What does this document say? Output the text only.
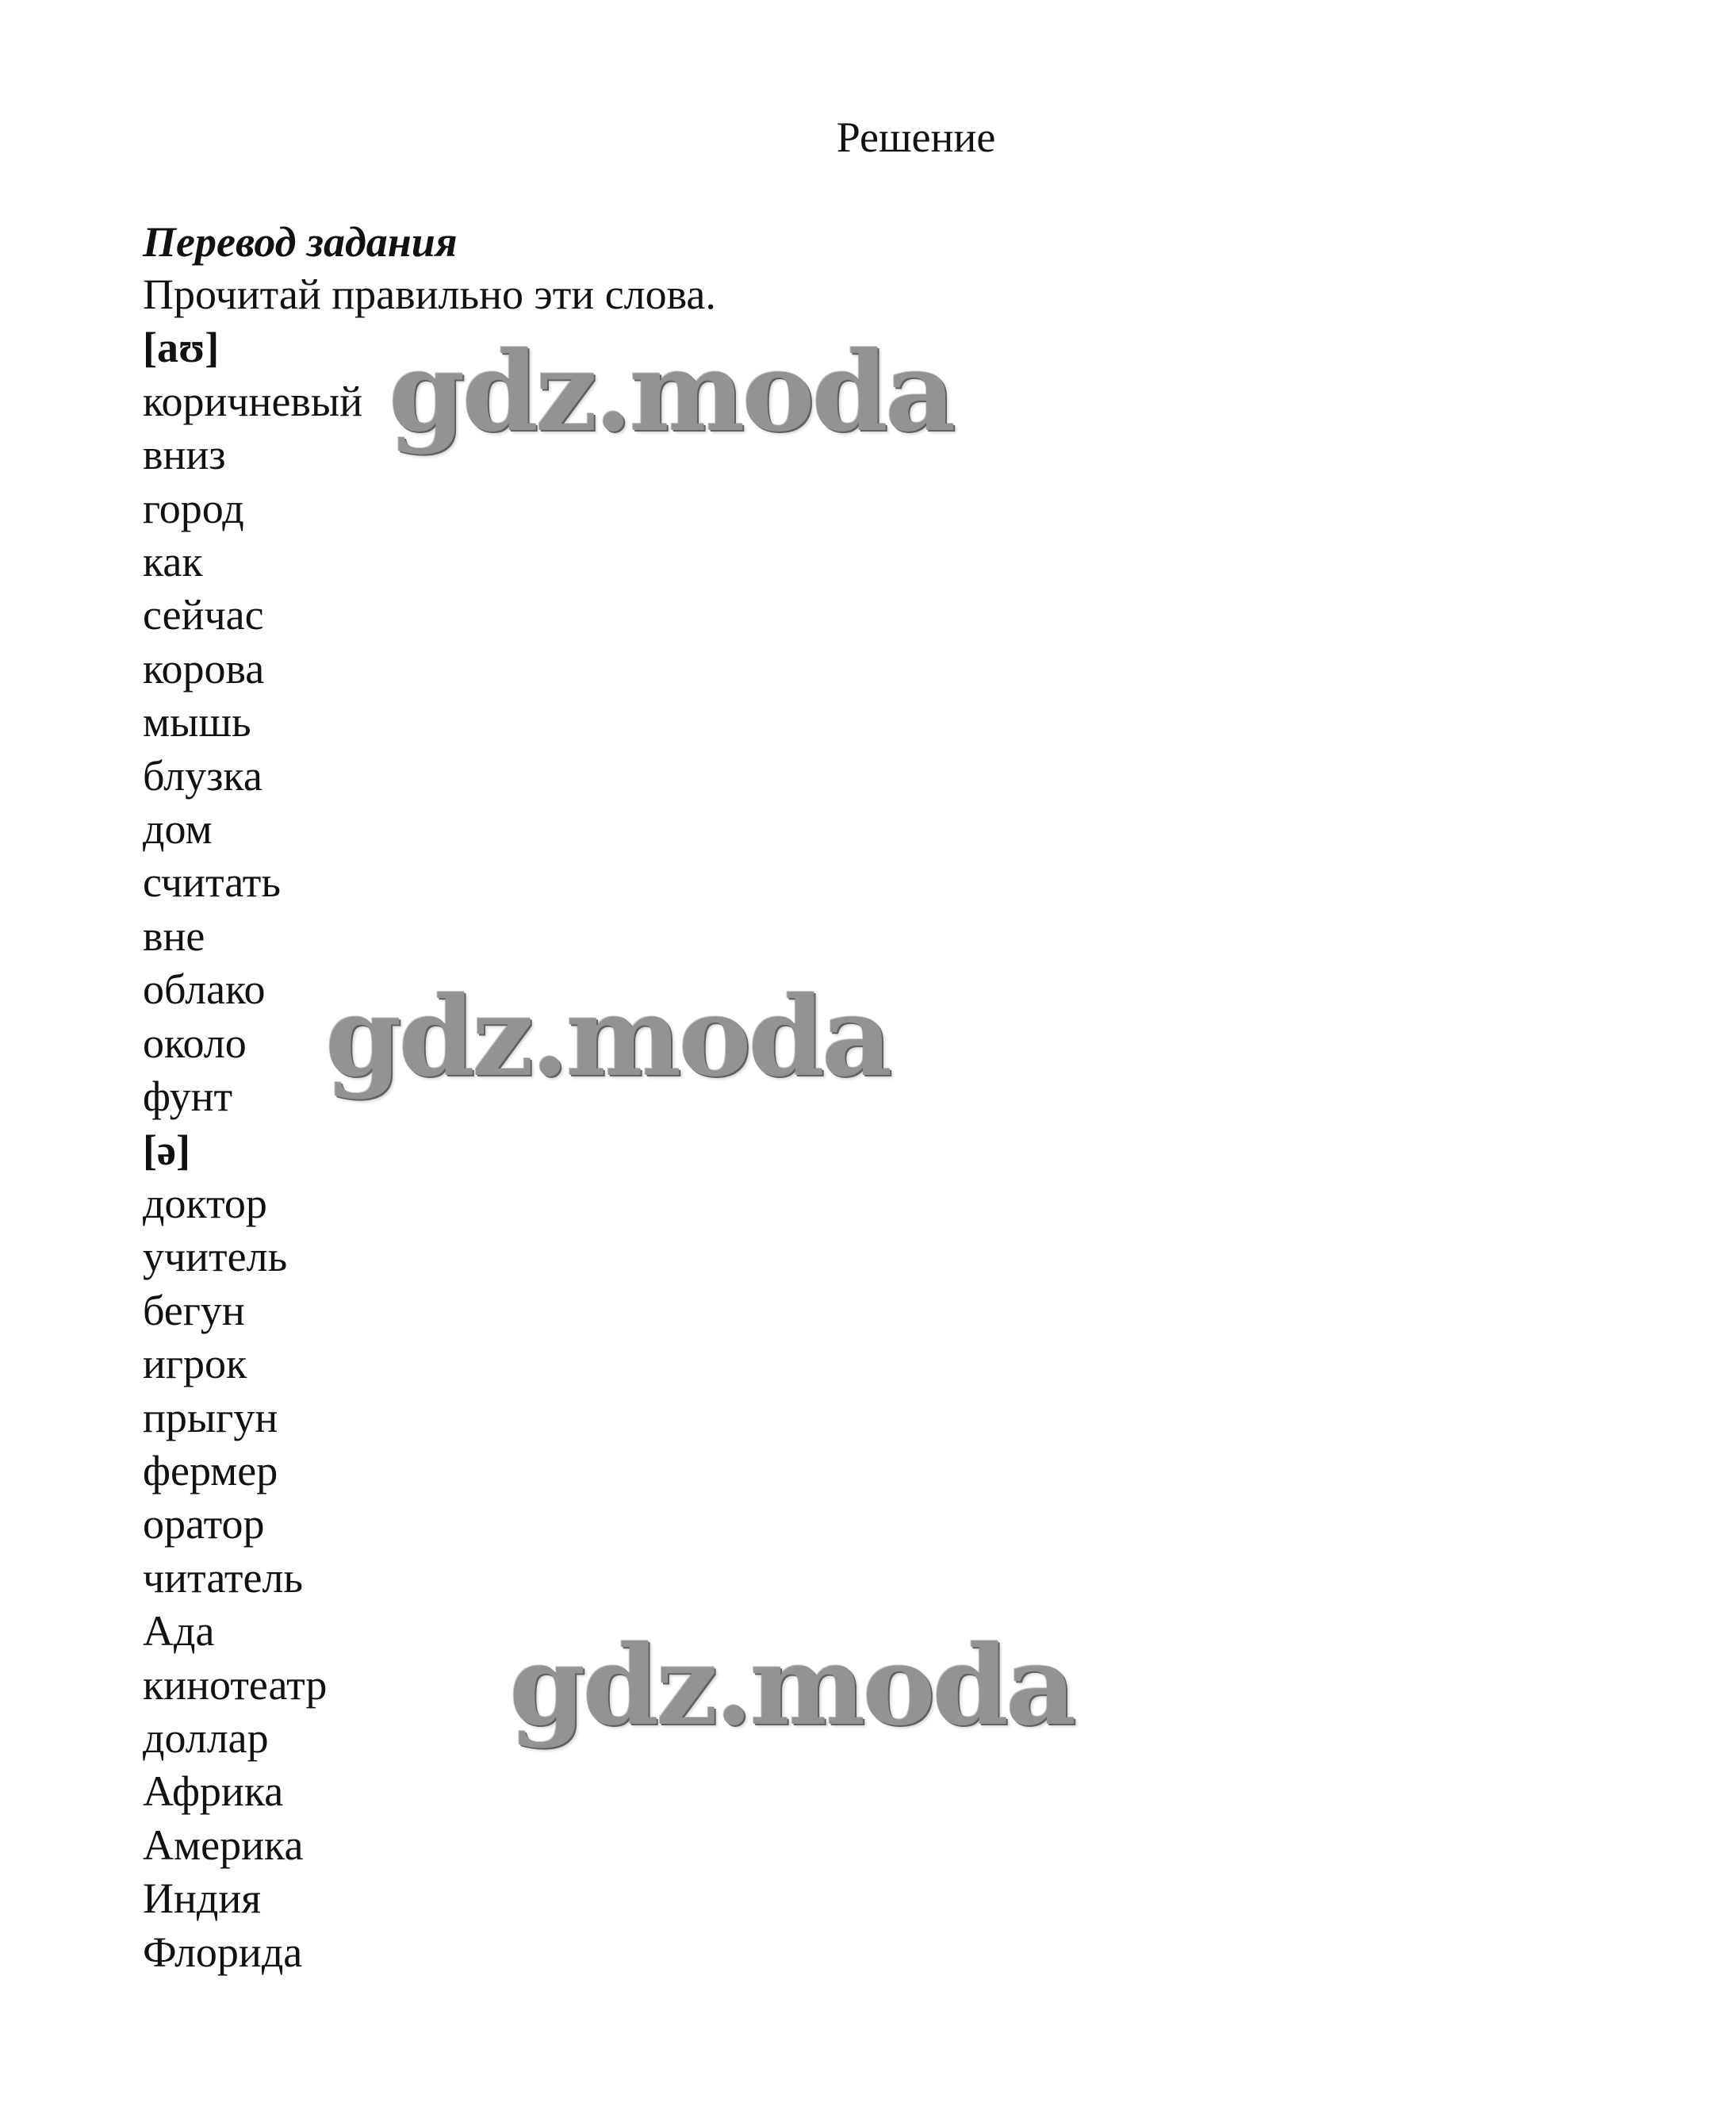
Решение
Перевод задания
Прочитай правильно эти слова.
[aʊ]
коричневый
вниз
город
как
сейчас
корова
мышь
блузка
дом
считать
вне
облако
около
фунт
[ə]
доктор
учитель
бегун
игрок
прыгун
фермер
оратор
читатель
Ада
кинотеатр
доллар
Африка
Америка
Индия
Флорида
gdz.moda
gdz.moda
gdz.moda
